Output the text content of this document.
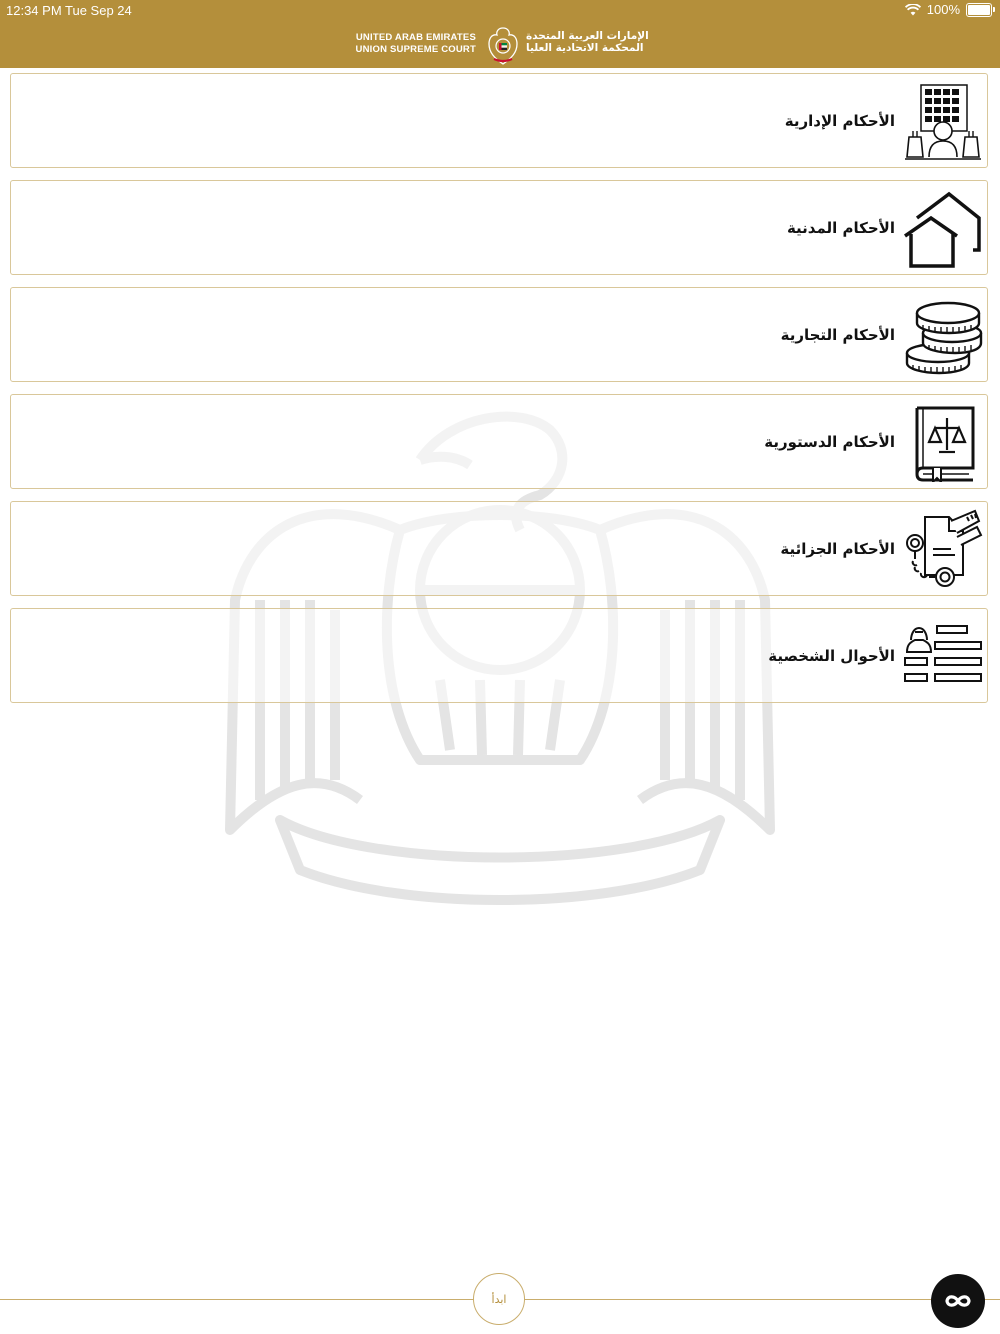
12:34 PM Tue Sep 24	100%
UNITED ARAB EMIRATES
UNION SUPREME COURT
الإمارات العربية المتحدة
المحكمة الاتحادية العليا
الأحكام الإدارية
الأحكام المدنية
الأحكام التجارية
الأحكام الدستورية
الأحكام الجزائية
الأحوال الشخصية
ابدأ
